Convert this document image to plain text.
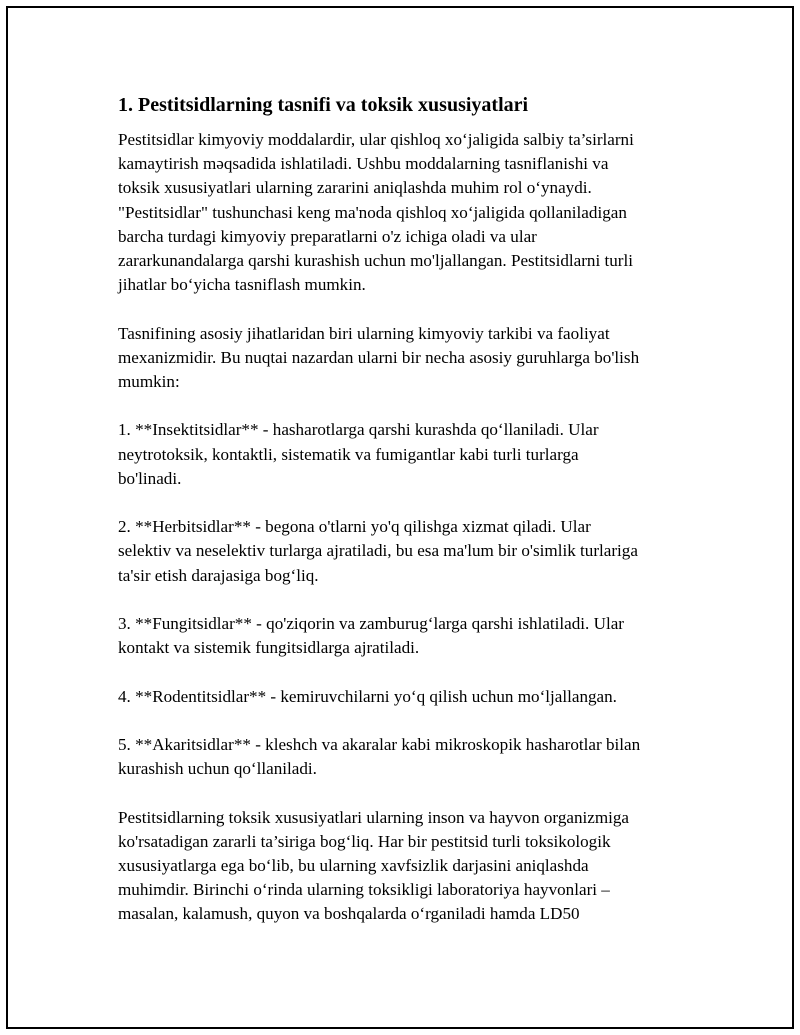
1. Pestitsidlarning tasnifi va toksik xususiyatlari

Pestitsidlar kimyoviy moddalardir, ular qishloq xo‘jaligida salbiy ta’sirlarni
kamaytirish məqsadida ishlatiladi. Ushbu moddalarning tasniflanishi va
toksik xususiyatlari ularning zararini aniqlashda muhim rol o‘ynaydi.
"Pestitsidlar" tushunchasi keng ma'noda qishloq xo‘jaligida qollaniladigan
barcha turdagi kimyoviy preparatlarni o'z ichiga oladi va ular
zararkunandalarga qarshi kurashish uchun mo'ljallangan. Pestitsidlarni turli
jihatlar bo‘yicha tasniflash mumkin.

Tasnifining asosiy jihatlaridan biri ularning kimyoviy tarkibi va faoliyat
mexanizmidir. Bu nuqtai nazardan ularni bir necha asosiy guruhlarga bo'lish
mumkin:

1. **Insektitsidlar** - hasharotlarga qarshi kurashda qo‘llaniladi. Ular
neytrotoksik, kontaktli, sistematik va fumigantlar kabi turli turlarga
bo'linadi.

2. **Herbitsidlar** - begona o'tlarni yo'q qilishga xizmat qiladi. Ular
selektiv va neselektiv turlarga ajratiladi, bu esa ma'lum bir o'simlik turlariga
ta'sir etish darajasiga bog‘liq.

3. **Fungitsidlar** - qo'ziqorin va zamburug‘larga qarshi ishlatiladi. Ular
kontakt va sistemik fungitsidlarga ajratiladi.

4. **Rodentitsidlar** - kemiruvchilarni yo‘q qilish uchun mo‘ljallangan.

5. **Akaritsidlar** - kleshch va akaralar kabi mikroskopik hasharotlar bilan
kurashish uchun qo‘llaniladi.

Pestitsidlarning toksik xususiyatlari ularning inson va hayvon organizmiga
ko'rsatadigan zararli ta’siriga bog‘liq. Har bir pestitsid turli toksikologik
xususiyatlarga ega bo‘lib, bu ularning xavfsizlik darjasini aniqlashda
muhimdir. Birinchi o‘rinda ularning toksikligi laboratoriya hayvonlari –
masalan, kalamush, quyon va boshqalarda o‘rganiladi hamda LD50
